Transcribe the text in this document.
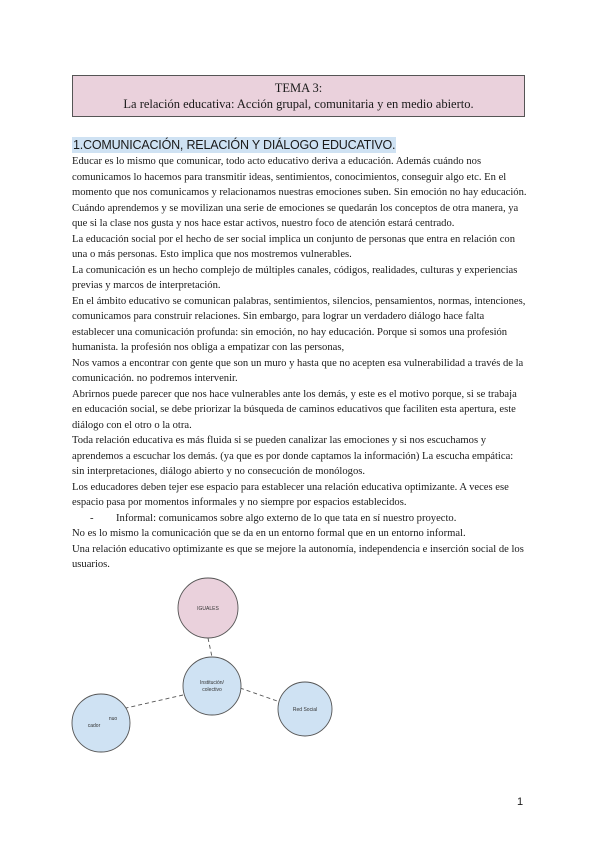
TEMA 3:
La relación educativa: Acción grupal, comunitaria y en medio abierto.
1.COMUNICACIÓN, RELACIÓN Y DIÁLOGO EDUCATIVO.

Educar es lo mismo que comunicar, todo acto educativo deriva a educación. Además cuándo nos comunicamos lo hacemos para transmitir ideas, sentimientos, conocimientos, conseguir algo etc. En el momento que nos comunicamos y relacionamos nuestras emociones suben. Sin emoción no hay educación. Cuándo aprendemos y se movilizan una serie de emociones se quedarán los conceptos de otra manera, ya que si la clase nos gusta y nos hace estar activos, nuestro foco de atención estará centrado.

La educación social por el hecho de ser social implica un conjunto de personas que entra en relación con una o más personas. Esto implica que nos mostremos vulnerables.

La comunicación es un hecho complejo de múltiples canales, códigos, realidades, culturas y experiencias previas y marcos de interpretación.

En el ámbito educativo se comunican palabras, sentimientos, silencios, pensamientos, normas, intenciones, comunicamos para construir relaciones. Sin embargo, para lograr un verdadero diálogo hace falta establecer una comunicación profunda: sin emoción, no hay educación. Porque si somos una profesión humanista. la profesión nos obliga a empatizar con las personas,

Nos vamos a encontrar con gente que son un muro y hasta que no acepten esa vulnerabilidad a través de la comunicación. no podremos intervenir.

Abrirnos puede parecer que nos hace vulnerables ante los demás, y este es el motivo porque, si se trabaja en educación social, se debe priorizar la búsqueda de caminos educativos que faciliten esta apertura, este diálogo con el otro o la otra.

Toda relación educativa es más fluida si se pueden canalizar las emociones y si nos escuchamos y aprendemos a escuchar los demás. (ya que es por donde captamos la información) La escucha empática: sin interpretaciones, diálogo abierto y no consecución de monólogos.

Los educadores deben tejer ese espacio para establecer una relación educativa optimizante. A veces ese espacio pasa por momentos informales y no siempre por espacios establecidos.

- Informal: comunicamos sobre algo externo de lo que tata en sí nuestro proyecto.

No es lo mismo la comunicación que se da en un entorno formal que en un entorno informal.

Una relación educativo optimizante es que se mejore la autonomía, independencia e inserción social de los usuarios.

IGUALES
Institución/
colectivo
nuo
cador
Red Social
1
